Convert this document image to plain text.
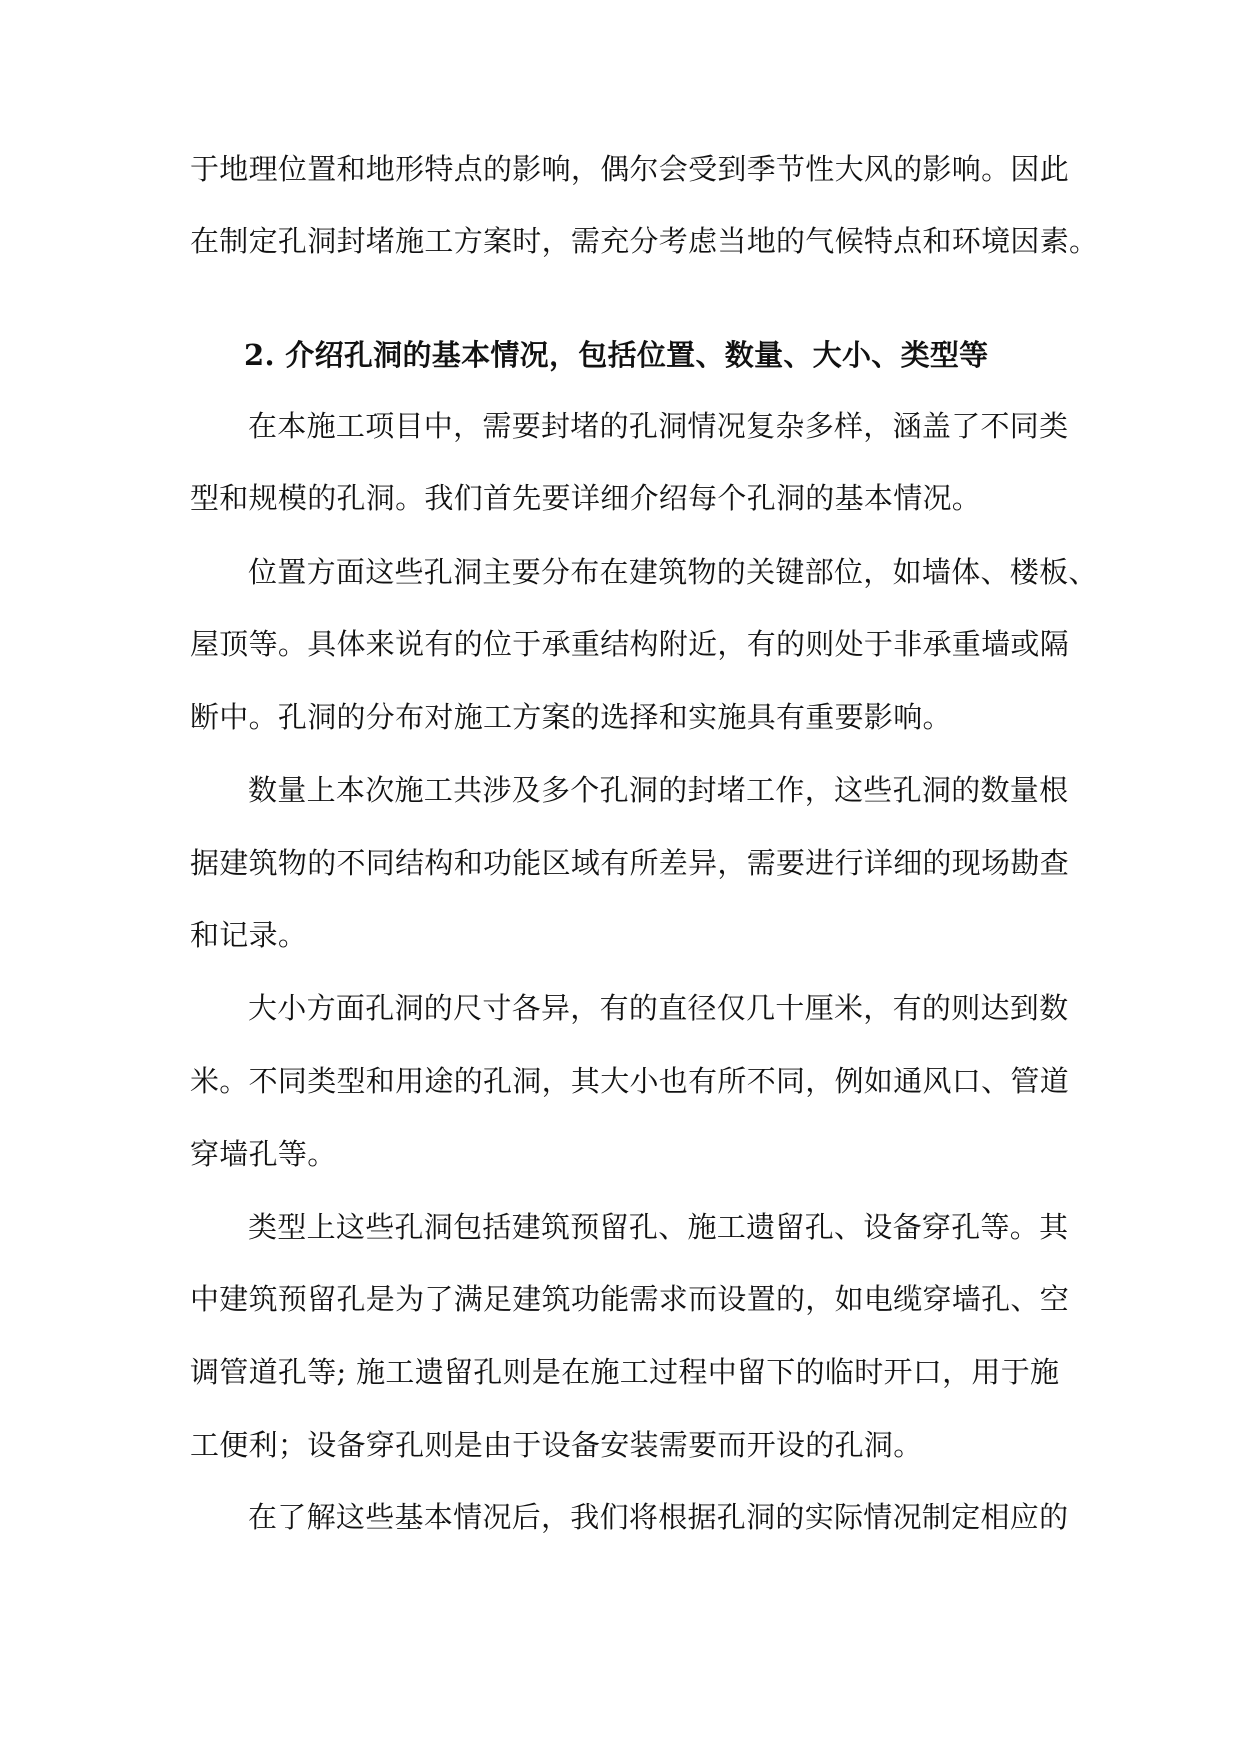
于地理位置和地形特点的影响，偶尔会受到季节性大风的影响。因此
在制定孔洞封堵施工方案时，需充分考虑当地的气候特点和环境因素。
2. 介绍孔洞的基本情况，包括位置、数量、大小、类型等
在本施工项目中，需要封堵的孔洞情况复杂多样，涵盖了不同类
型和规模的孔洞。我们首先要详细介绍每个孔洞的基本情况。
位置方面这些孔洞主要分布在建筑物的关键部位，如墙体、楼板、
屋顶等。具体来说有的位于承重结构附近，有的则处于非承重墙或隔
断中。孔洞的分布对施工方案的选择和实施具有重要影响。
数量上本次施工共涉及多个孔洞的封堵工作，这些孔洞的数量根
据建筑物的不同结构和功能区域有所差异，需要进行详细的现场勘查
和记录。
大小方面孔洞的尺寸各异，有的直径仅几十厘米，有的则达到数
米。不同类型和用途的孔洞，其大小也有所不同，例如通风口、管道
穿墙孔等。
类型上这些孔洞包括建筑预留孔、施工遗留孔、设备穿孔等。其
中建筑预留孔是为了满足建筑功能需求而设置的，如电缆穿墙孔、空
调管道孔等; 施工遗留孔则是在施工过程中留下的临时开口，用于施
工便利；设备穿孔则是由于设备安装需要而开设的孔洞。
在了解这些基本情况后，我们将根据孔洞的实际情况制定相应的
